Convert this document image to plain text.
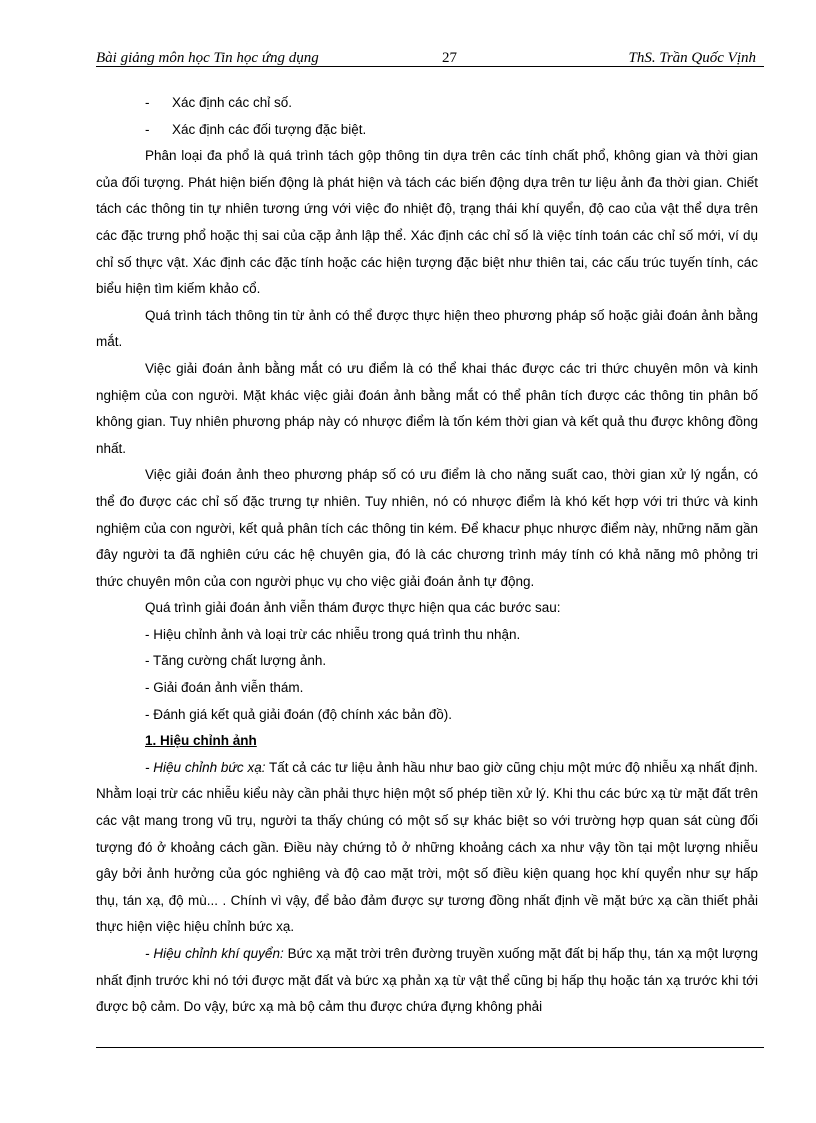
Bài giảng môn học Tin học ứng dụng	27	ThS. Trần Quốc Vịnh

- Xác định các chỉ số.

- Xác định các đối tượng đặc biệt.

Phân loại đa phổ là quá trình tách gộp thông tin dựa trên các tính chất phổ, không gian và thời gian của đối tượng. Phát hiện biến động là phát hiện và tách các biến động dựa trên tư liệu ảnh đa thời gian. Chiết tách các thông tin tự nhiên tương ứng với việc đo nhiệt độ, trạng thái khí quyển, độ cao của vật thể dựa trên các đặc trưng phổ hoặc thị sai của cặp ảnh lập thể. Xác định các chỉ số là việc tính toán các chỉ số mới, ví dụ chỉ số thực vật. Xác định các đặc tính hoặc các hiện tượng đặc biệt như thiên tai, các cấu trúc tuyến tính, các biểu hiện tìm kiếm khảo cổ.

Quá trình tách thông tin từ ảnh có thể được thực hiện theo phương pháp số hoặc giải đoán ảnh bằng mắt.

Việc giải đoán ảnh bằng mắt có ưu điểm là có thể khai thác được các tri thức chuyên môn và kinh nghiệm của con người. Mặt khác việc giải đoán ảnh bằng mắt có thể phân tích được các thông tin phân bố không gian. Tuy nhiên phương pháp này có nhược điểm là tốn kém thời gian và kết quả thu được không đồng nhất.

Việc giải đoán ảnh theo phương pháp số có ưu điểm là cho năng suất cao, thời gian xử lý ngắn, có thể đo được các chỉ số đặc trưng tự nhiên. Tuy nhiên, nó có nhược điểm là khó kết hợp với tri thức và kinh nghiệm của con người, kết quả phân tích các thông tin kém. Để khacư phục nhược điểm này, những năm gần đây người ta đã nghiên cứu các hệ chuyên gia, đó là các chương trình máy tính có khả năng mô phỏng tri thức chuyên môn của con người phục vụ cho việc giải đoán ảnh tự động.

Quá trình giải đoán ảnh viễn thám được thực hiện qua các bước sau:

- Hiệu chỉnh ảnh và loại trừ các nhiễu trong quá trình thu nhận.

- Tăng cường chất lượng ảnh.

- Giải đoán ảnh viễn thám.

- Đánh giá kết quả giải đoán (độ chính xác bản đồ).

1. Hiệu chỉnh ảnh

- Hiệu chỉnh bức xạ: Tất cả các tư liệu ảnh hầu như bao giờ cũng chịu một mức độ nhiễu xạ nhất định. Nhằm loại trừ các nhiễu kiểu này cần phải thực hiện một số phép tiền xử lý. Khi thu các bức xạ từ mặt đất trên các vật mang trong vũ trụ, người ta thấy chúng có một số sự khác biệt so với trường hợp quan sát cùng đối tượng đó ở khoảng cách gần. Điều này chứng tỏ ở những khoảng cách xa như vậy tồn tại một lượng nhiễu gây bởi ảnh hưởng của góc nghiêng và độ cao mặt trời, một số điều kiện quang học khí quyển như sự hấp thụ, tán xạ, độ mù... . Chính vì vậy, để bảo đảm được sự tương đồng nhất định về mặt bức xạ cần thiết phải thực hiện việc hiệu chỉnh bức xạ.

- Hiệu chỉnh khí quyển: Bức xạ mặt trời trên đường truyền xuống mặt đất bị hấp thụ, tán xạ một lượng nhất định trước khi nó tới được mặt đất và bức xạ phản xạ từ vật thể cũng bị hấp thụ hoặc tán xạ trước khi tới được bộ cảm. Do vậy, bức xạ mà bộ cảm thu được chứa đựng không phải
